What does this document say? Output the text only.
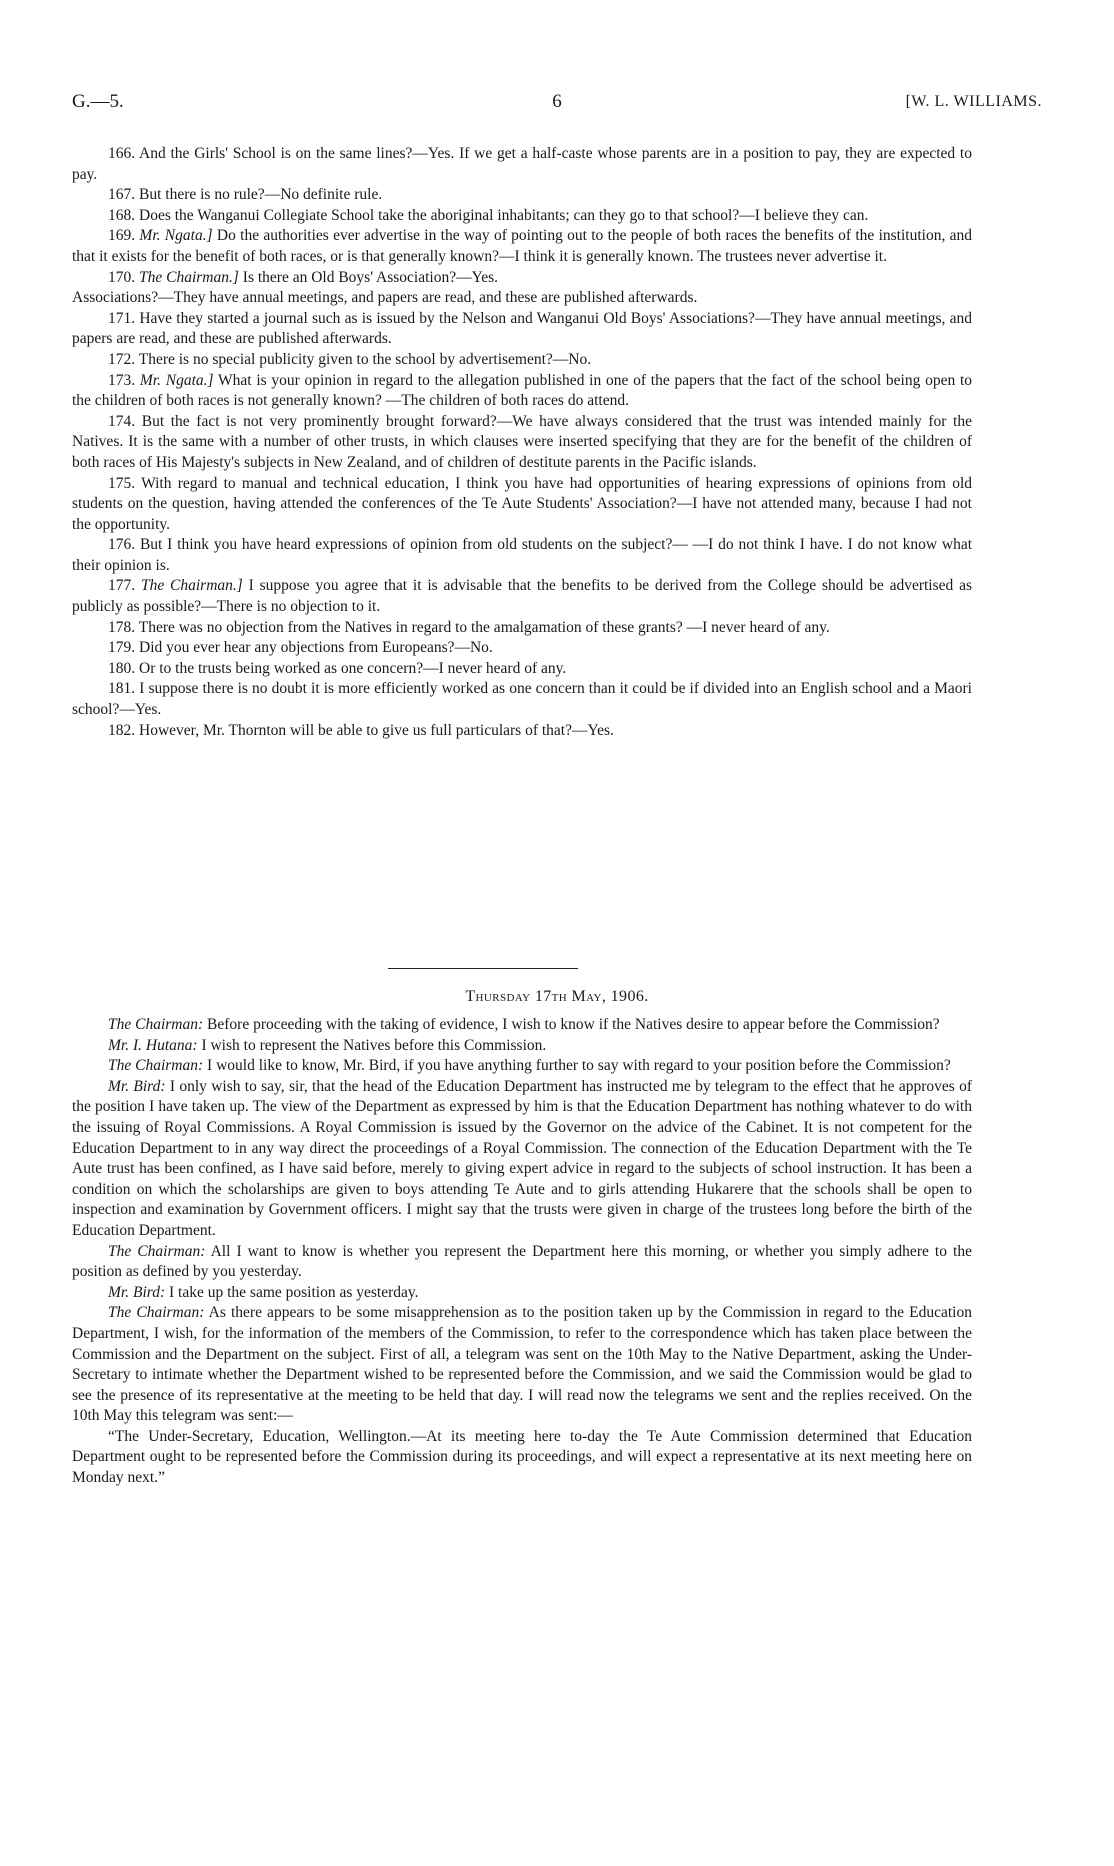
G.—5.	6	[W. L. WILLIAMS.

166. And the Girls' School is on the same lines?—Yes. If we get a half-caste whose parents are in a position to pay, they are expected to pay.

167. But there is no rule?—No definite rule.

168. Does the Wanganui Collegiate School take the aboriginal inhabitants; can they go to that school?—I believe they can.

169. Mr. Ngata.] Do the authorities ever advertise in the way of pointing out to the people of both races the benefits of the institution, and that it exists for the benefit of both races, or is that generally known?—I think it is generally known. The trustees never advertise it.

170. The Chairman.] Is there an Old Boys' Association?—Yes.

Associations?—They have annual meetings, and papers are read, and these are published afterwards.

171. Have they started a journal such as is issued by the Nelson and Wanganui Old Boys' Associations?—They have annual meetings, and papers are read, and these are published afterwards.

172. There is no special publicity given to the school by advertisement?—No.

173. Mr. Ngata.] What is your opinion in regard to the allegation published in one of the papers that the fact of the school being open to the children of both races is not generally known? —The children of both races do attend.

174. But the fact is not very prominently brought forward?—We have always considered that the trust was intended mainly for the Natives. It is the same with a number of other trusts, in which clauses were inserted specifying that they are for the benefit of the children of both races of His Majesty's subjects in New Zealand, and of children of destitute parents in the Pacific islands.

175. With regard to manual and technical education, I think you have had opportunities of hearing expressions of opinions from old students on the question, having attended the conferences of the Te Aute Students' Association?—I have not attended many, because I had not the opportunity.

176. But I think you have heard expressions of opinion from old students on the subject?— —I do not think I have. I do not know what their opinion is.

177. The Chairman.] I suppose you agree that it is advisable that the benefits to be derived from the College should be advertised as publicly as possible?—There is no objection to it.

178. There was no objection from the Natives in regard to the amalgamation of these grants? —I never heard of any.

179. Did you ever hear any objections from Europeans?—No.

180. Or to the trusts being worked as one concern?—I never heard of any.

181. I suppose there is no doubt it is more efficiently worked as one concern than it could be if divided into an English school and a Maori school?—Yes.

182. However, Mr. Thornton will be able to give us full particulars of that?—Yes.

Thursday 17th May, 1906.

The Chairman: Before proceeding with the taking of evidence, I wish to know if the Natives desire to appear before the Commission?

Mr. I. Hutana: I wish to represent the Natives before this Commission.

The Chairman: I would like to know, Mr. Bird, if you have anything further to say with regard to your position before the Commission?

Mr. Bird: I only wish to say, sir, that the head of the Education Department has instructed me by telegram to the effect that he approves of the position I have taken up. The view of the Department as expressed by him is that the Education Department has nothing whatever to do with the issuing of Royal Commissions. A Royal Commission is issued by the Governor on the advice of the Cabinet. It is not competent for the Education Department to in any way direct the proceedings of a Royal Commission. The connection of the Education Department with the Te Aute trust has been confined, as I have said before, merely to giving expert advice in regard to the subjects of school instruction. It has been a condition on which the scholarships are given to boys attending Te Aute and to girls attending Hukarere that the schools shall be open to inspection and examination by Government officers. I might say that the trusts were given in charge of the trustees long before the birth of the Education Department.

The Chairman: All I want to know is whether you represent the Department here this morning, or whether you simply adhere to the position as defined by you yesterday.

Mr. Bird: I take up the same position as yesterday.

The Chairman: As there appears to be some misapprehension as to the position taken up by the Commission in regard to the Education Department, I wish, for the information of the members of the Commission, to refer to the correspondence which has taken place between the Commission and the Department on the subject. First of all, a telegram was sent on the 10th May to the Native Department, asking the Under-Secretary to intimate whether the Department wished to be represented before the Commission, and we said the Commission would be glad to see the presence of its representative at the meeting to be held that day. I will read now the telegrams we sent and the replies received. On the 10th May this telegram was sent:—

“The Under-Secretary, Education, Wellington.—At its meeting here to-day the Te Aute Commission determined that Education Department ought to be represented before the Commission during its proceedings, and will expect a representative at its next meeting here on Monday next.”
